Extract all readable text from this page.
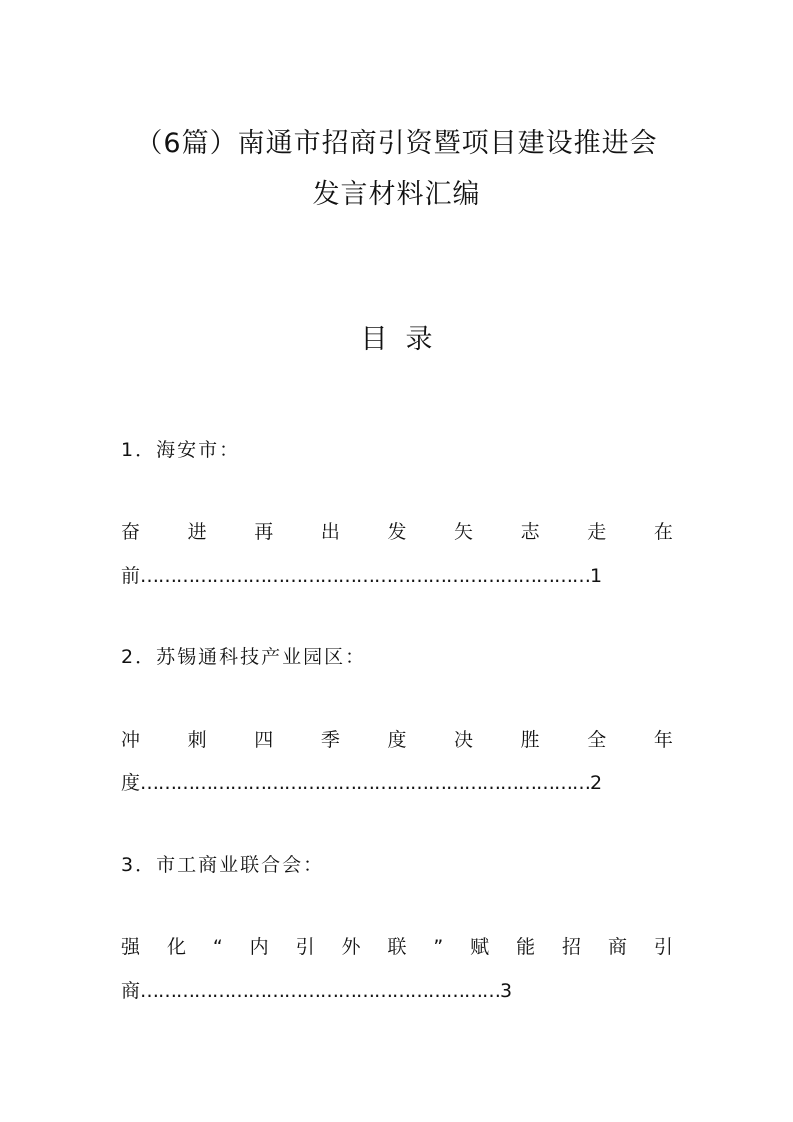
（6篇）南通市招商引资暨项目建设推进会
发言材料汇编
目录
1．海安市：
奋	进	再	出	发	矢	志	走	在
前…………………………………………………………………1
2．苏锡通科技产业园区：
冲	刺	四	季	度	决	胜	全	年
度…………………………………………………………………2
3．市工商业联合会：
强 化 “ 内 引 外 联 ” 赋 能 招 商 引
商……………………………………………………3
